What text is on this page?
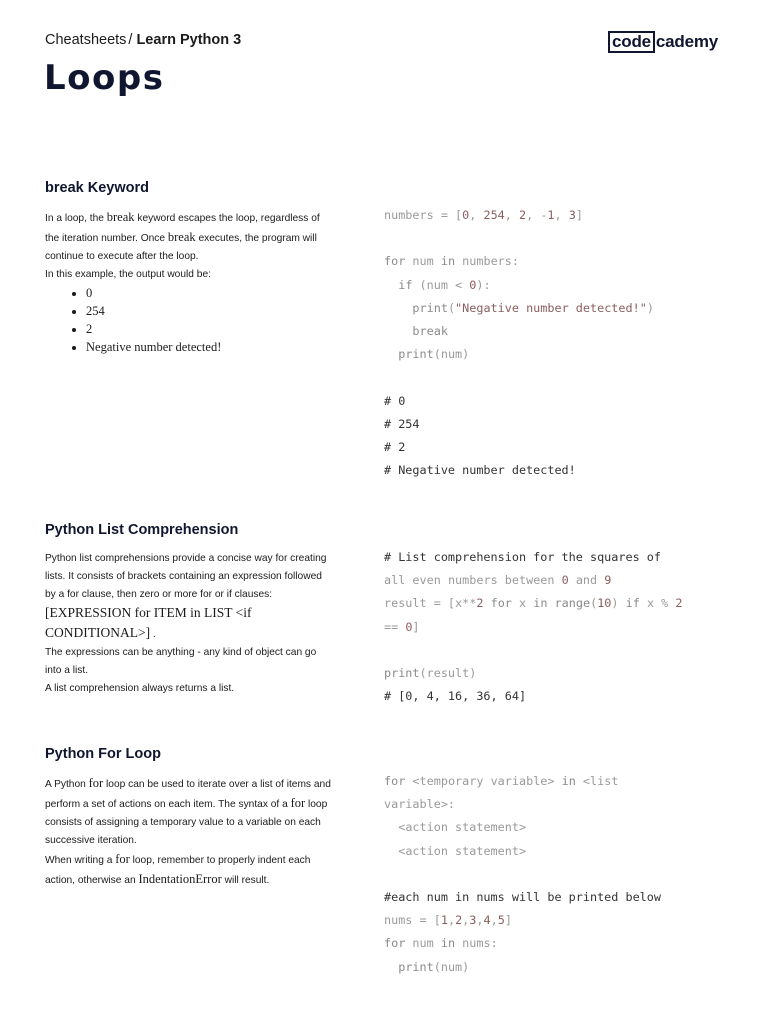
Cheatsheets / Learn Python 3	code cademy
Loops
break Keyword

In a loop, the break keyword escapes the loop, regardless of the iteration number. Once break executes, the program will continue to execute after the loop.

In this example, the output would be:

• 0
• 254
• 2
• Negative number detected!
numbers = [0, 254, 2, -1, 3]

for num in numbers:
if (num < 0):
print("Negative number detected!")
break
print(num)

# 0
# 254
# 2
# Negative number detected!
Python List Comprehension

Python list comprehensions provide a concise way for creating lists. It consists of brackets containing an expression followed by a for clause, then zero or more for or if clauses: [EXPRESSION for ITEM in LIST <if CONDITIONAL>] .

The expressions can be anything - any kind of object can go into a list.

A list comprehension always returns a list.

# List comprehension for the squares of
all even numbers between 0 and 9
result = [x**2 for x in range(10) if x % 2
== 0]

print(result)
# [0, 4, 16, 36, 64]
Python For Loop

A Python for loop can be used to iterate over a list of items and perform a set of actions on each item. The syntax of a for loop consists of assigning a temporary value to a variable on each successive iteration.

When writing a for loop, remember to properly indent each action, otherwise an IndentationError will result.

for <temporary variable> in <list
variable>:
<action statement>
<action statement>

#each num in nums will be printed below
nums = [1,2,3,4,5]
for num in nums:
print(num)
